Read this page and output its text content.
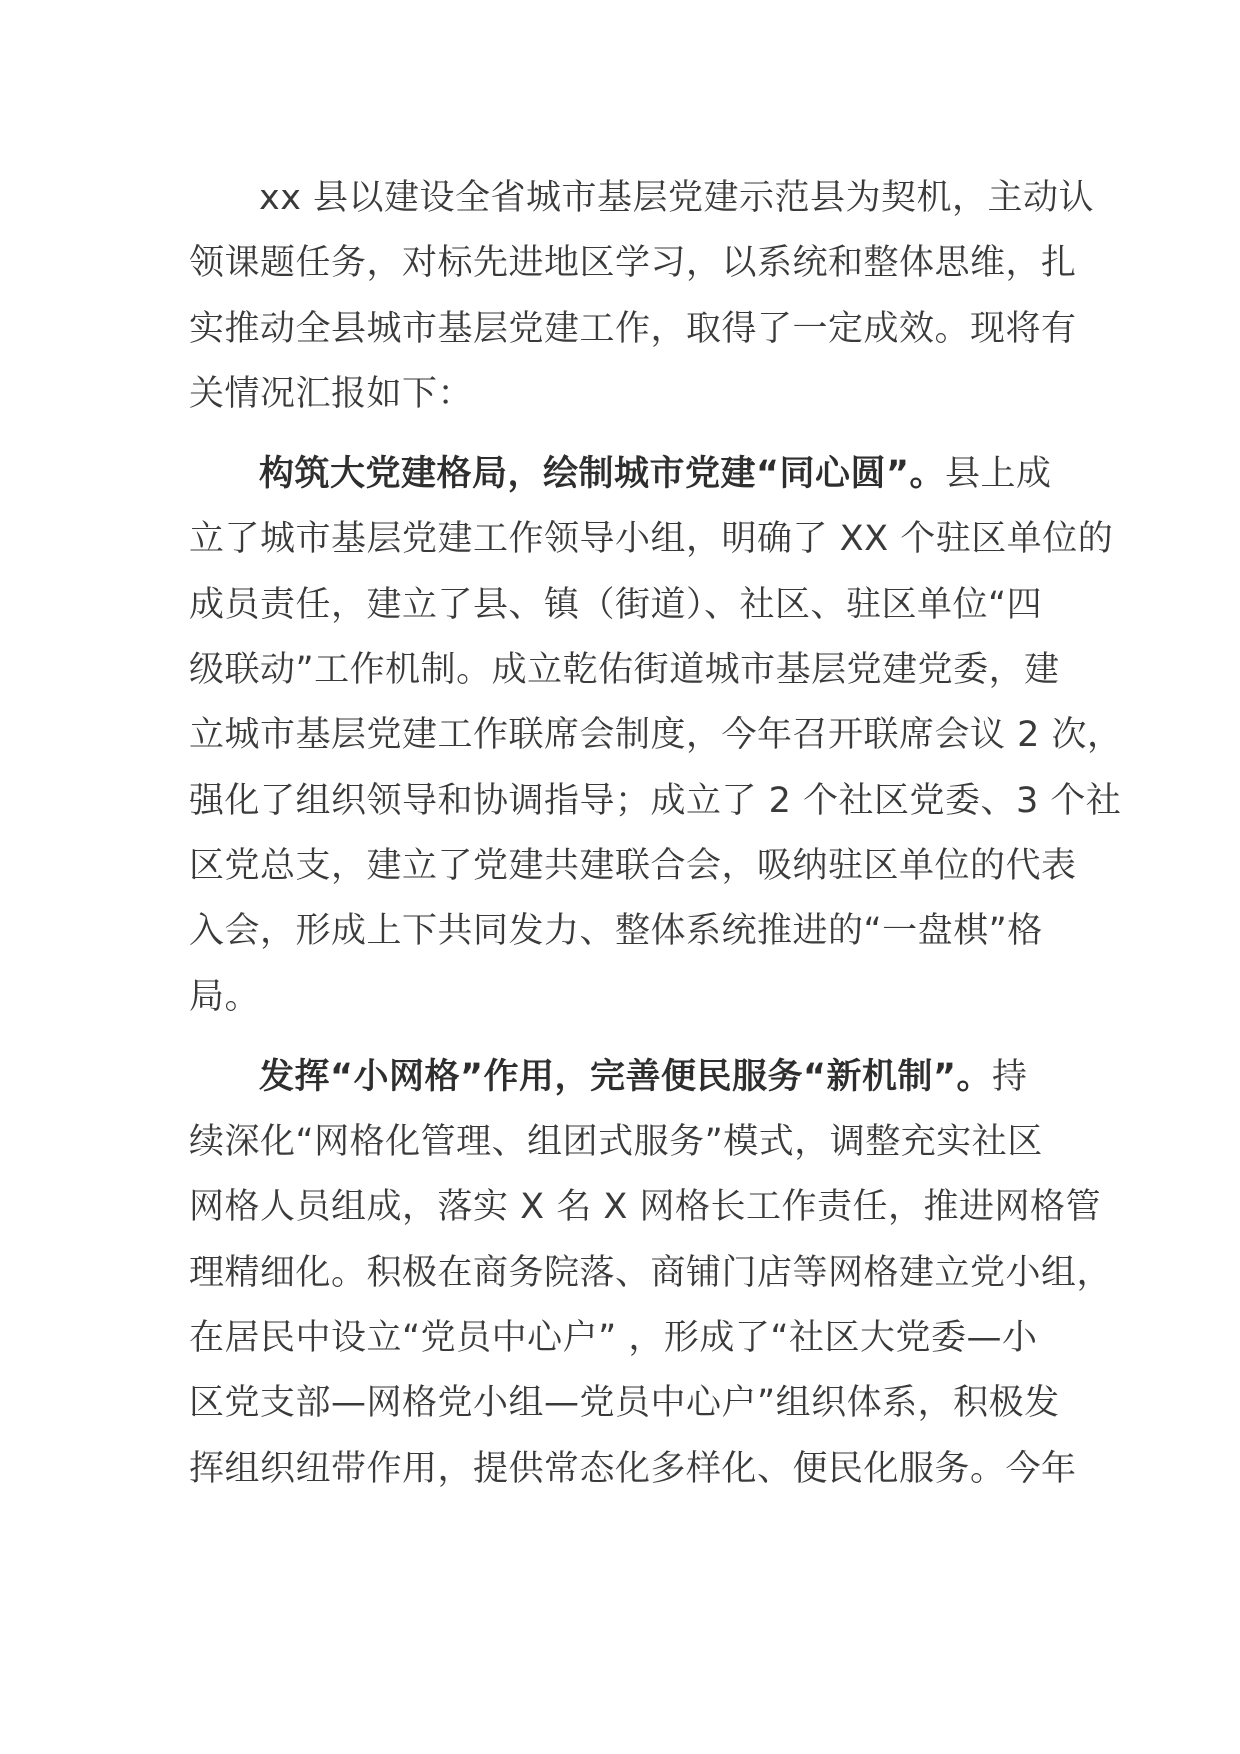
xx 县以建设全省城市基层党建示范县为契机，主动认
领课题任务，对标先进地区学习，以系统和整体思维，扎
实推动全县城市基层党建工作，取得了一定成效。现将有
关情况汇报如下：
构筑大党建格局，绘制城市党建“同心圆”。县上成
立了城市基层党建工作领导小组，明确了 XX 个驻区单位的
成员责任，建立了县、镇（街道）、社区、驻区单位“四
级联动”工作机制。成立乾佑街道城市基层党建党委，建
立城市基层党建工作联席会制度，今年召开联席会议 2 次，
强化了组织领导和协调指导；成立了 2 个社区党委、3 个社
区党总支，建立了党建共建联合会，吸纳驻区单位的代表
入会，形成上下共同发力、整体系统推进的“一盘棋”格
局。
发挥“小网格”作用，完善便民服务“新机制”。持
续深化“网格化管理、组团式服务”模式，调整充实社区
网格人员组成，落实 X 名 X 网格长工作责任，推进网格管
理精细化。积极在商务院落、商铺门店等网格建立党小组，
在居民中设立“党员中心户” ，形成了“社区大党委—小
区党支部—网格党小组—党员中心户”组织体系，积极发
挥组织纽带作用，提供常态化多样化、便民化服务。今年
